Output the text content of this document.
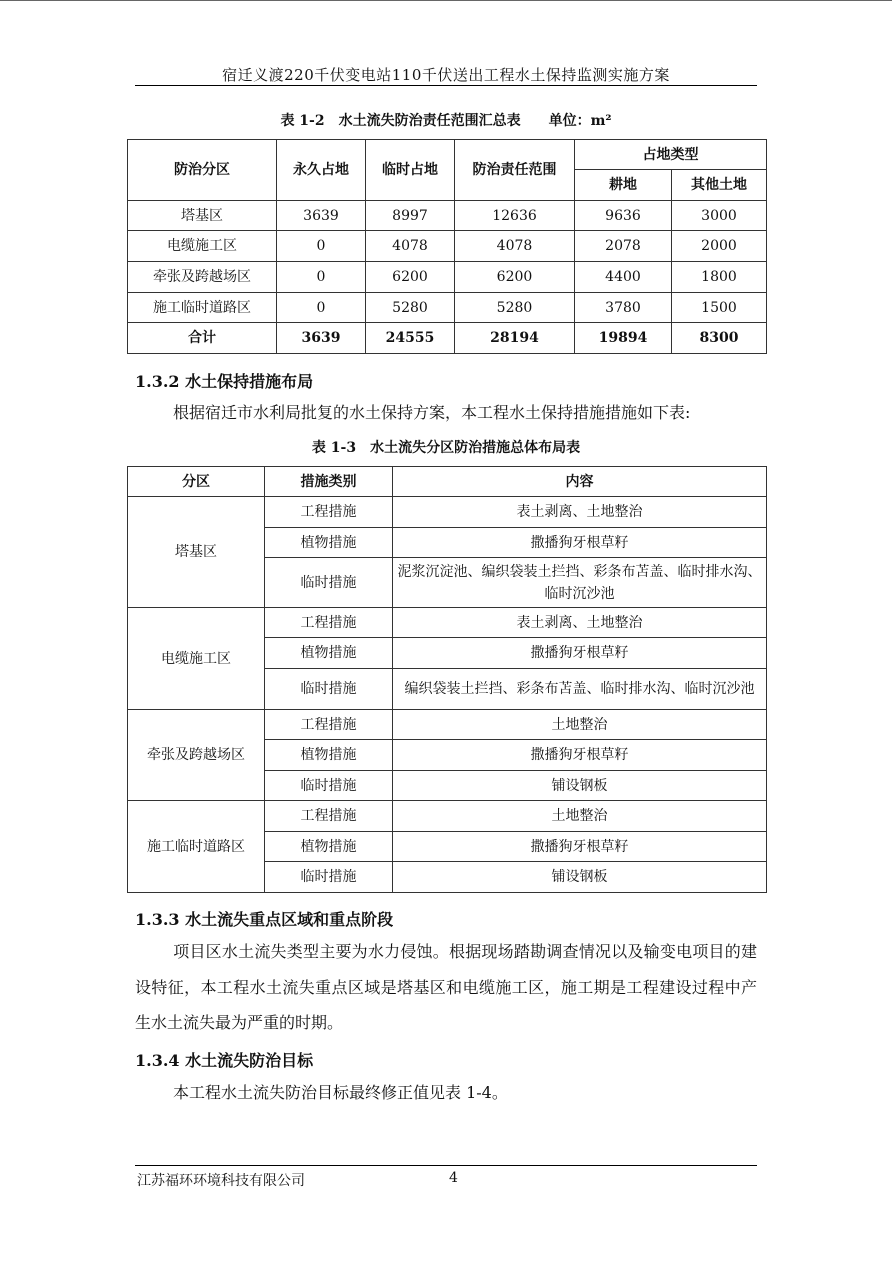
宿迁义渡220千伏变电站110千伏送出工程水土保持监测实施方案
表 1-2　水土流失防治责任范围汇总表 单位：m²
防治分区	永久占地	临时占地	防治责任范围	占地类型	
				耕地	其他土地
塔基区	3639	8997	12636	9636	3000
电缆施工区	0	4078	4078	2078	2000
牵张及跨越场区	0	6200	6200	4400	1800
施工临时道路区	0	5280	5280	3780	1500
合计	3639	24555	28194	19894	8300
1.3.2 水土保持措施布局
根据宿迁市水利局批复的水土保持方案，本工程水土保持措施措施如下表:
表 1-3　水土流失分区防治措施总体布局表
分区	措施类别	内容
塔基区	工程措施	表土剥离、土地整治
	植物措施	撒播狗牙根草籽
	临时措施	泥浆沉淀池、编织袋装土拦挡、彩条布苫盖、临时排水沟、临时沉沙池
电缆施工区	工程措施	表土剥离、土地整治
	植物措施	撒播狗牙根草籽
	临时措施	编织袋装土拦挡、彩条布苫盖、临时排水沟、临时沉沙池
牵张及跨越场区	工程措施	土地整治
	植物措施	撒播狗牙根草籽
	临时措施	铺设钢板
施工临时道路区	工程措施	土地整治
	植物措施	撒播狗牙根草籽
	临时措施	铺设钢板
1.3.3 水土流失重点区域和重点阶段
项目区水土流失类型主要为水力侵蚀。根据现场踏勘调查情况以及输变电项目的建设特征，本工程水土流失重点区域是塔基区和电缆施工区，施工期是工程建设过程中产生水土流失最为严重的时期。
1.3.4 水土流失防治目标
本工程水土流失防治目标最终修正值见表 1-4。
江苏福环环境科技有限公司	4
